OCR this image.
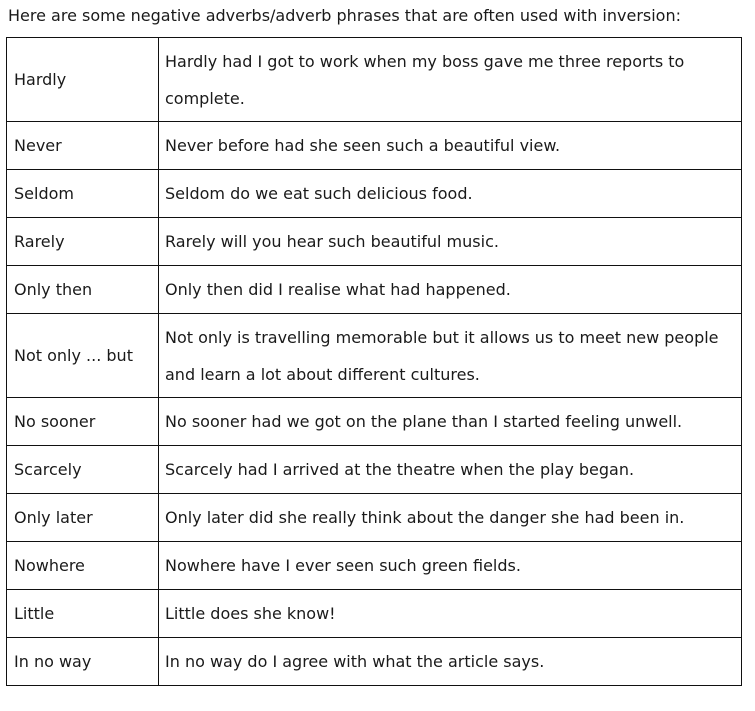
Here are some negative adverbs/adverb phrases that are often used with inversion:
Hardly	Hardly had I got to work when my boss gave me three reports to complete.
Never	Never before had she seen such a beautiful view.
Seldom	Seldom do we eat such delicious food.
Rarely	Rarely will you hear such beautiful music.
Only then	Only then did I realise what had happened.
Not only ... but	Not only is travelling memorable but it allows us to meet new people and learn a lot about different cultures.
No sooner	No sooner had we got on the plane than I started feeling unwell.
Scarcely	Scarcely had I arrived at the theatre when the play began.
Only later	Only later did she really think about the danger she had been in.
Nowhere	Nowhere have I ever seen such green fields.
Little	Little does she know!
In no way	In no way do I agree with what the article says.
